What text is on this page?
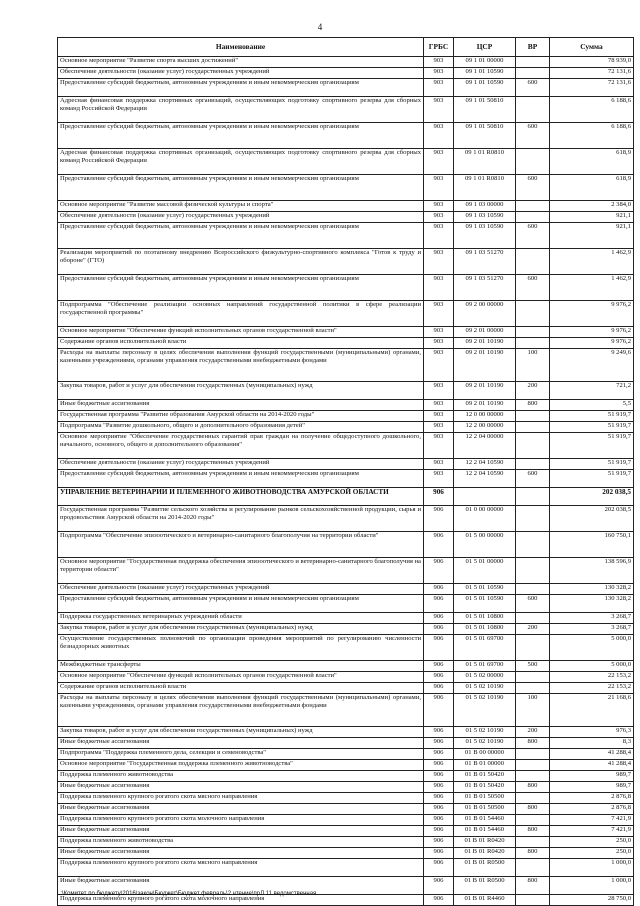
4
Наименование	ГРБС	ЦСР	ВР	Сумма
Основное мероприятие "Развитие спорта высших достижений"	903	09 1 01 00000		78 939,0
Обеспечение деятельности (оказание услуг) государственных учреждений	903	09 1 01 10590		72 131,6
Предоставление субсидий бюджетным, автономным учреждениям и иным некоммерческим организациям	903	09 1 01 10590	600	72 131,6
Адресная финансовая поддержка спортивных организаций, осуществляющих подготовку спортивного резерва для сборных команд Российской Федерации	903	09 1 01 50810		6 188,6
Предоставление субсидий бюджетным, автономным учреждениям и иным некоммерческим организациям	903	09 1 01 50810	600	6 188,6
Адресная финансовая поддержка спортивных организаций, осуществляющих подготовку спортивного резерва для сборных команд Российской Федерации	903	09 1 01 R0810		618,9
Предоставление субсидий бюджетным, автономным учреждениям и иным некоммерческим организациям	903	09 1 01 R0810	600	618,9
Основное мероприятие "Развитие массовой физической культуры и спорта"	903	09 1 03 00000		2 384,0
Обеспечение деятельности (оказание услуг) государственных учреждений	903	09 1 03 10590		921,1
Предоставление субсидий бюджетным, автономным учреждениям и иным некоммерческим организациям	903	09 1 03 10590	600	921,1
Реализация мероприятий по поэтапному внедрению Всероссийского физкультурно-спортивного комплекса "Готов к труду и обороне" (ГТО)	903	09 1 03 51270		1 462,9
Предоставление субсидий бюджетным, автономным учреждениям и иным некоммерческим организациям	903	09 1 03 51270	600	1 462,9
Подпрограмма "Обеспечение реализации основных направлений государственной политики в сфере реализации государственной программы"	903	09 2 00 00000		9 976,2
Основное мероприятие "Обеспечение функций исполнительных органов государственной власти"	903	09 2 01 00000		9 976,2
Содержание органов исполнительной власти	903	09 2 01 10190		9 976,2
Расходы на выплаты персоналу в целях обеспечения выполнения функций государственными (муниципальными) органами, казенными учреждениями, органами управления государственными внебюджетными фондами	903	09 2 01 10190	100	9 249,6
Закупка товаров, работ и услуг для обеспечения государственных (муниципальных) нужд	903	09 2 01 10190	200	721,2
Иные бюджетные ассигнования	903	09 2 01 10190	800	5,5
Государственная программа "Развитие образования Амурской области на 2014-2020 годы"	903	12 0 00 00000		51 919,7
Подпрограмма "Развитие дошкольного, общего и дополнительного образования детей"	903	12 2 00 00000		51 919,7
Основное мероприятие "Обеспечение государственных гарантий прав граждан на получение общедоступного дошкольного, начального, основного, общего и дополнительного образования"	903	12 2 04 00000		51 919,7
Обеспечение деятельности (оказание услуг) государственных учреждений	903	12 2 04 10590		51 919,7
Предоставление субсидий бюджетным, автономным учреждениям и иным некоммерческим организациям	903	12 2 04 10590	600	51 919,7
УПРАВЛЕНИЕ ВЕТЕРИНАРИИ И ПЛЕМЕННОГО ЖИВОТНОВОДСТВА АМУРСКОЙ ОБЛАСТИ	906			202 038,5
Государственная программа "Развитие сельского хозяйства и регулирование рынков сельскохозяйственной продукции, сырья и продовольствия Амурской области на 2014-2020 годы"	906	01 0 00 00000		202 038,5
Подпрограмма "Обеспечение эпизоотического и ветеринарно-санитарного благополучия на территории области"	906	01 5 00 00000		160 750,1
Основное мероприятие "Государственная поддержка обеспечения эпизоотического и ветеринарно-санитарного благополучия на территории области"	906	01 5 01 00000		138 596,9
Обеспечение деятельности (оказание услуг) государственных учреждений	906	01 5 01 10590		130 328,2
Предоставление субсидий бюджетным, автономным учреждениям и иным некоммерческим организациям	906	01 5 01 10590	600	130 328,2
Поддержка государственных ветеринарных учреждений области	906	01 5 01 10800		3 268,7
Закупка товаров, работ и услуг для обеспечения государственных (муниципальных) нужд	906	01 5 01 10800	200	3 268,7
Осуществление государственных полномочий по организации проведения мероприятий по регулированию численности безнадзорных животных	906	01 5 01 69700		5 000,0
Межбюджетные трансферты	906	01 5 01 69700	500	5 000,0
Основное мероприятие "Обеспечение функций исполнительных органов государственной власти"	906	01 5 02 00000		22 153,2
Содержание органов исполнительной власти	906	01 5 02 10190		22 153,2
Расходы на выплаты персоналу в целях обеспечения выполнения функций государственными (муниципальными) органами, казенными учреждениями, органами управления государственными внебюджетными фондами	906	01 5 02 10190	100	21 168,6
Закупка товаров, работ и услуг для обеспечения государственных (муниципальных) нужд	906	01 5 02 10190	200	976,3
Иные бюджетные ассигнования	906	01 5 02 10190	800	8,3
Подпрограмма "Поддержка племенного дела, селекции и семеноводства"	906	01 В 00 00000		41 288,4
Основное мероприятие "Государственная поддержка племенного животноводства"	906	01 В 01 00000		41 288,4
Поддержка племенного животноводства	906	01 В 01 50420		989,7
Иные бюджетные ассигнования	906	01 В 01 50420	800	989,7
Поддержка племенного крупного рогатого скота мясного направления	906	01 В 01 50500		2 876,8
Иные бюджетные ассигнования	906	01 В 01 50500	800	2 876,8
Поддержка племенного крупного рогатого скота молочного направления	906	01 В 01 54460		7 421,9
Иные бюджетные ассигнования	906	01 В 01 54460	800	7 421,9
Поддержка племенного животноводства	906	01 В 01 R0420		250,0
Иные бюджетные ассигнования	906	01 В 01 R0420	800	250,0
Поддержка племенного крупного рогатого скота мясного направления	906	01 В 01 R0500		1 000,0
Иные бюджетные ассигнования	906	01 В 01 R0500	800	1 000,0
Поддержка племенного крупного рогатого скота молочного направления	906	01 В 01 R4460		28 750,0
L:\Комитет по бюджету\2016\закон\Бюджет\Бюджет февраль\2 чтение\прЛ 11 ведомственная
